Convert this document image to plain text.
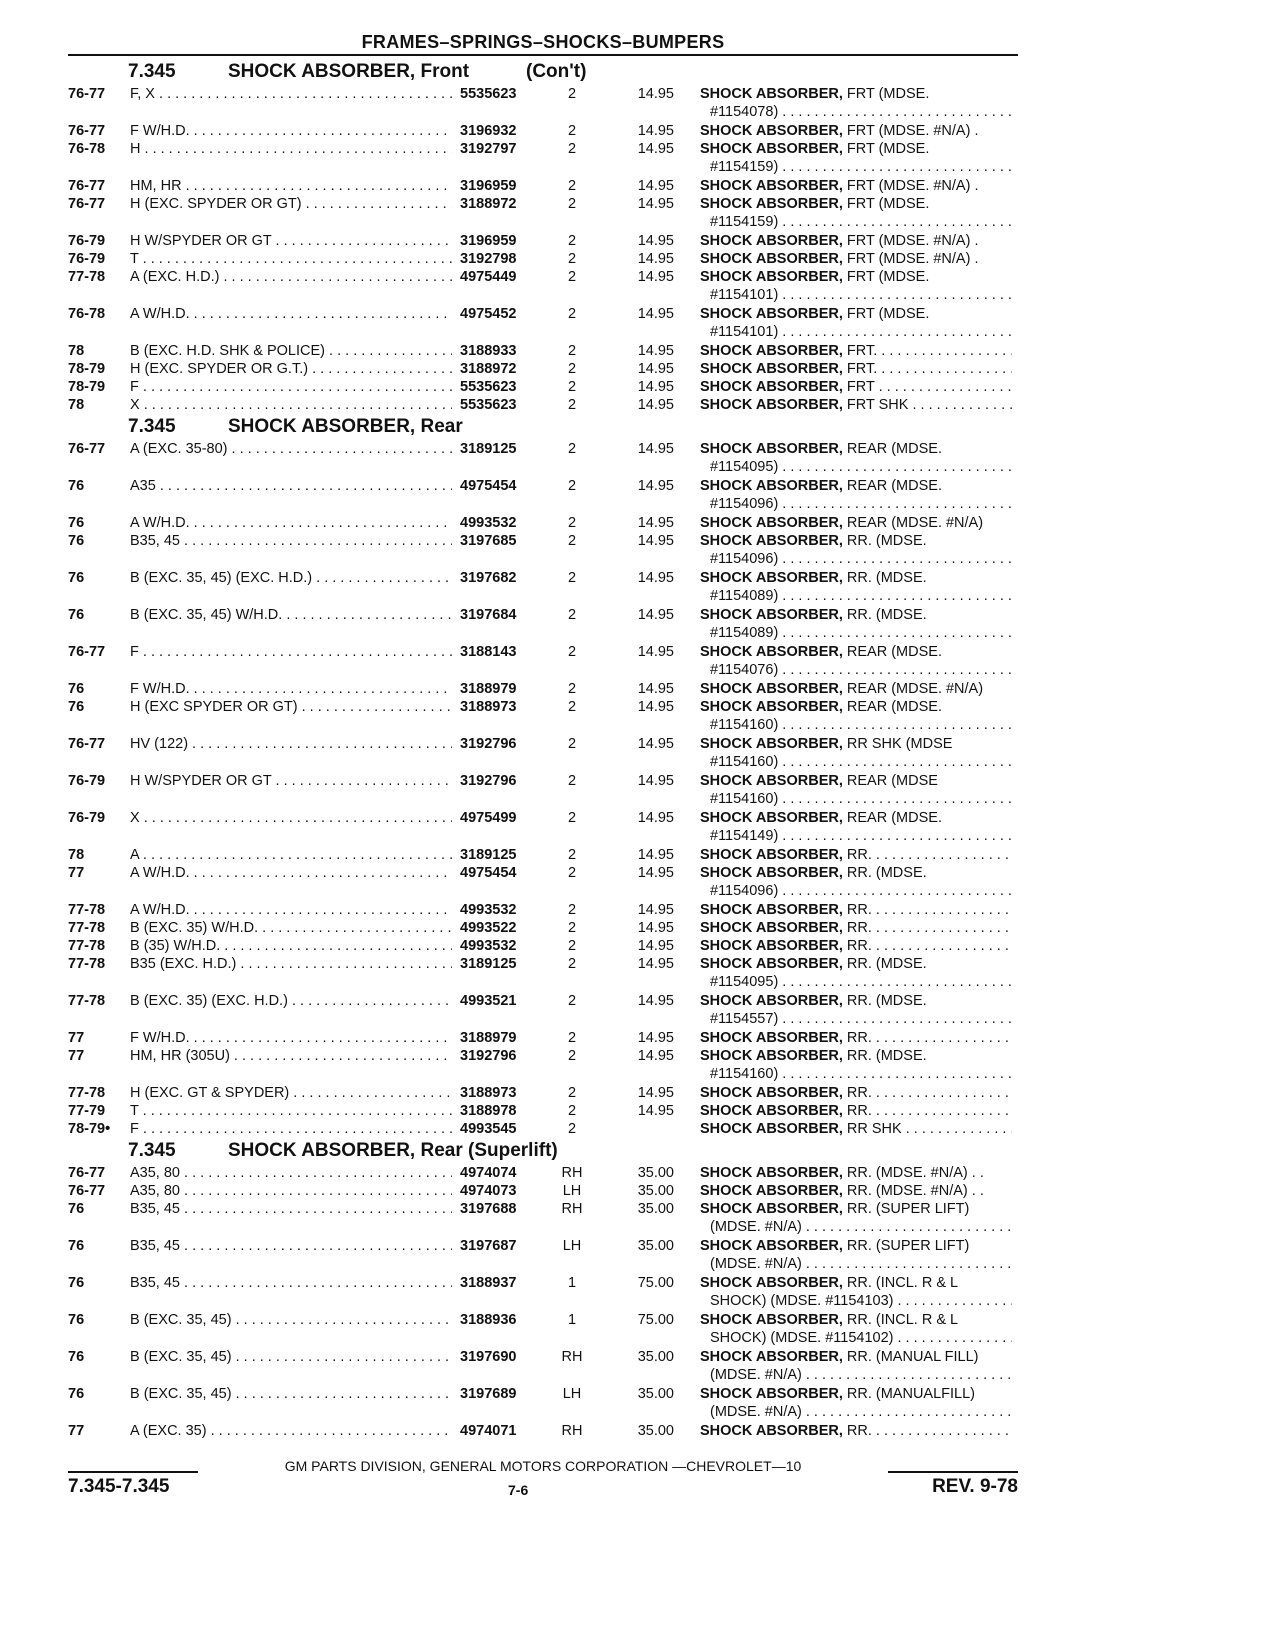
FRAMES–SPRINGS–SHOCKS–BUMPERS
7.345	SHOCK ABSORBER, Front	(Con't)
76-77 F, X . . .	5535623	2	14.95 SHOCK ABSORBER, FRT (MDSE.
#1154078) . . .
76-77 F W/H.D. . . .	3196932	2	14.95 SHOCK ABSORBER, FRT (MDSE. #N/A) .
76-78 H . . .	3192797	2	14.95 SHOCK ABSORBER, FRT (MDSE.
#1154159) . . .
76-77 HM, HR . . .	3196959	2	14.95 SHOCK ABSORBER, FRT (MDSE. #N/A) .
76-77 H (EXC. SPYDER OR GT) . . .	3188972	2	14.95 SHOCK ABSORBER, FRT (MDSE.
#1154159) . . .
76-79 H W/SPYDER OR GT . . .	3196959	2	14.95 SHOCK ABSORBER, FRT (MDSE. #N/A) .
76-79 T . . .	3192798	2	14.95 SHOCK ABSORBER, FRT (MDSE. #N/A) .
77-78 A (EXC. H.D.) . . .	4975449	2	14.95 SHOCK ABSORBER, FRT (MDSE.
#1154101) . . .
76-78 A W/H.D. . . .	4975452	2	14.95 SHOCK ABSORBER, FRT (MDSE.
#1154101) . . .
78	B (EXC. H.D. SHK & POLICE) . . .	3188933	2	14.95 SHOCK ABSORBER, FRT. . . .
78-79 H (EXC. SPYDER OR G.T.) . . .	3188972	2	14.95 SHOCK ABSORBER, FRT. . . .
78-79 F . . .	5535623	2	14.95 SHOCK ABSORBER, FRT . . .
78	X . . .	5535623	2	14.95 SHOCK ABSORBER, FRT SHK . . .
7.345	SHOCK ABSORBER, Rear
76-77 A (EXC. 35-80) . . .	3189125	2	14.95 SHOCK ABSORBER, REAR (MDSE.
#1154095) . . .
76	A35 . . .	4975454	2	14.95 SHOCK ABSORBER, REAR (MDSE.
#1154096) . . .
76	A W/H.D. . . .	4993532	2	14.95 SHOCK ABSORBER, REAR (MDSE. #N/A)
76	B35, 45 . . .	3197685	2	14.95 SHOCK ABSORBER, RR. (MDSE.
#1154096) . . .
76	B (EXC. 35, 45) (EXC. H.D.) . . .	3197682	2	14.95 SHOCK ABSORBER, RR. (MDSE.
#1154089) . . .
76	B (EXC. 35, 45) W/H.D. . . .	3197684	2	14.95 SHOCK ABSORBER, RR. (MDSE.
#1154089) . . .
76-77 F . . .	3188143	2	14.95 SHOCK ABSORBER, REAR (MDSE.
#1154076) . . .
76	F W/H.D. . . .	3188979	2	14.95 SHOCK ABSORBER, REAR (MDSE. #N/A)
76	H (EXC SPYDER OR GT) . . .	3188973	2	14.95 SHOCK ABSORBER, REAR (MDSE.
#1154160) . . .
76-77 HV (122) . . .	3192796	2	14.95 SHOCK ABSORBER, RR SHK (MDSE
#1154160) . . .
76-79 H W/SPYDER OR GT . . .	3192796	2	14.95 SHOCK ABSORBER, REAR (MDSE
#1154160) . . .
76-79 X . . .	4975499	2	14.95 SHOCK ABSORBER, REAR (MDSE.
#1154149) . . .
78	A . . .	3189125	2	14.95 SHOCK ABSORBER, RR. . . .
77	A W/H.D. . . .	4975454	2	14.95 SHOCK ABSORBER, RR. (MDSE.
#1154096) . . .
77-78 A W/H.D. . . .	4993532	2	14.95 SHOCK ABSORBER, RR. . . .
77-78 B (EXC. 35) W/H.D. . . .	4993522	2	14.95 SHOCK ABSORBER, RR. . . .
77-78 B (35) W/H.D. . . .	4993532	2	14.95 SHOCK ABSORBER, RR. . . .
77-78 B35 (EXC. H.D.) . . .	3189125	2	14.95 SHOCK ABSORBER, RR. (MDSE.
#1154095) . . .
77-78 B (EXC. 35) (EXC. H.D.) . . .	4993521	2	14.95 SHOCK ABSORBER, RR. (MDSE.
#1154557) . . .
77	F W/H.D. . . .	3188979	2	14.95 SHOCK ABSORBER, RR. . . .
77	HM, HR (305U) . . .	3192796	2	14.95 SHOCK ABSORBER, RR. (MDSE.
#1154160) . . .
77-78 H (EXC. GT & SPYDER) . . .	3188973	2	14.95 SHOCK ABSORBER, RR. . . .
77-79 T . . .	3188978	2	14.95 SHOCK ABSORBER, RR. . . .
78-79• F . . .	4993545	2	SHOCK ABSORBER, RR SHK . . .
7.345	SHOCK ABSORBER, Rear (Superlift)
76-77 A35, 80 . . .	4974074	RH	35.00 SHOCK ABSORBER, RR. (MDSE. #N/A) . .
76-77 A35, 80 . . .	4974073	LH	35.00 SHOCK ABSORBER, RR. (MDSE. #N/A) . .
76	B35, 45 . . .	3197688	RH	35.00 SHOCK ABSORBER, RR. (SUPER LIFT)
(MDSE. #N/A) . . .
76	B35, 45 . . .	3197687	LH	35.00 SHOCK ABSORBER, RR. (SUPER LIFT)
(MDSE. #N/A) . . .
76	B35, 45 . . .	3188937	1	75.00 SHOCK ABSORBER, RR. (INCL. R & L
SHOCK) (MDSE. #1154103) . . .
76	B (EXC. 35, 45) . . .	3188936	1	75.00 SHOCK ABSORBER, RR. (INCL. R & L
SHOCK) (MDSE. #1154102) . . .
76	B (EXC. 35, 45) . . .	3197690	RH	35.00 SHOCK ABSORBER, RR. (MANUAL FILL)
(MDSE. #N/A) . . .
76	B (EXC. 35, 45) . . .	3197689	LH	35.00 SHOCK ABSORBER, RR. (MANUALFILL)
(MDSE. #N/A) . . .
77	A (EXC. 35) . . .	4974071	RH	35.00 SHOCK ABSORBER, RR. . . .
GM PARTS DIVISION, GENERAL MOTORS CORPORATION —CHEVROLET—10
7.345-7.345	7-6	REV. 9-78
